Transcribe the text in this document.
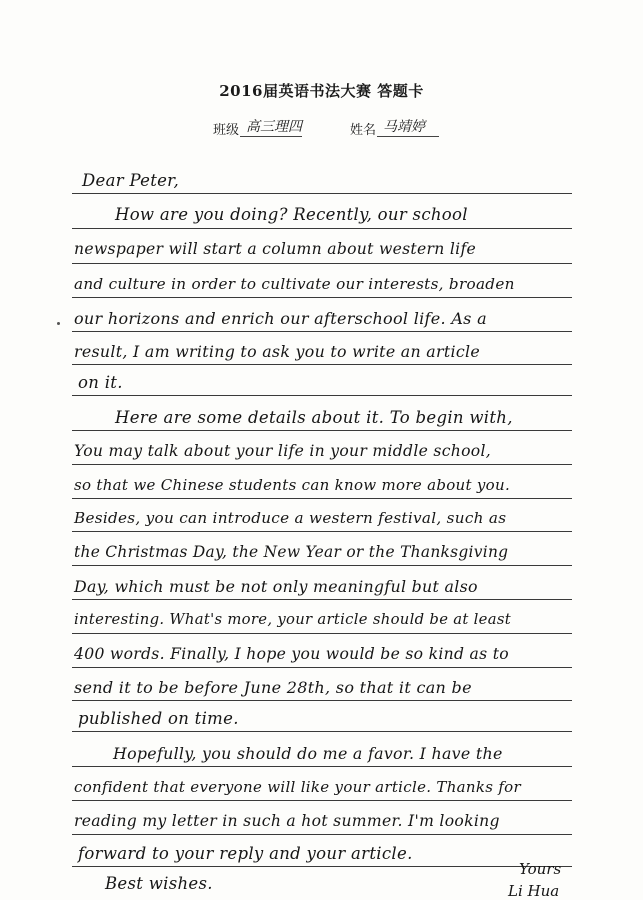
2016届英语书法大赛 答题卡
班级 高三理四	姓名 马靖婷
Dear Peter,
How are you doing? Recently, our school
newspaper will start a column about western life
and culture in order to cultivate our interests, broaden
our horizons and enrich our afterschool life. As a
result, I am writing to ask you to write an article
on it.
Here are some details about it. To begin with,
You may talk about your life in your middle school,
so that we Chinese students can know more about you.
Besides, you can introduce a western festival, such as
the Christmas Day, the New Year or the Thanksgiving
Day, which must be not only meaningful but also
interesting. What's more, your article should be at least
400 words. Finally, I hope you would be so kind as to
send it to be before June 28th, so that it can be
published on time.
Hopefully, you should do me a favor. I have the
confident that everyone will like your article. Thanks for
reading my letter in such a hot summer. I'm looking
forward to your reply and your article.
Best wishes.
Yours
Li Hua
